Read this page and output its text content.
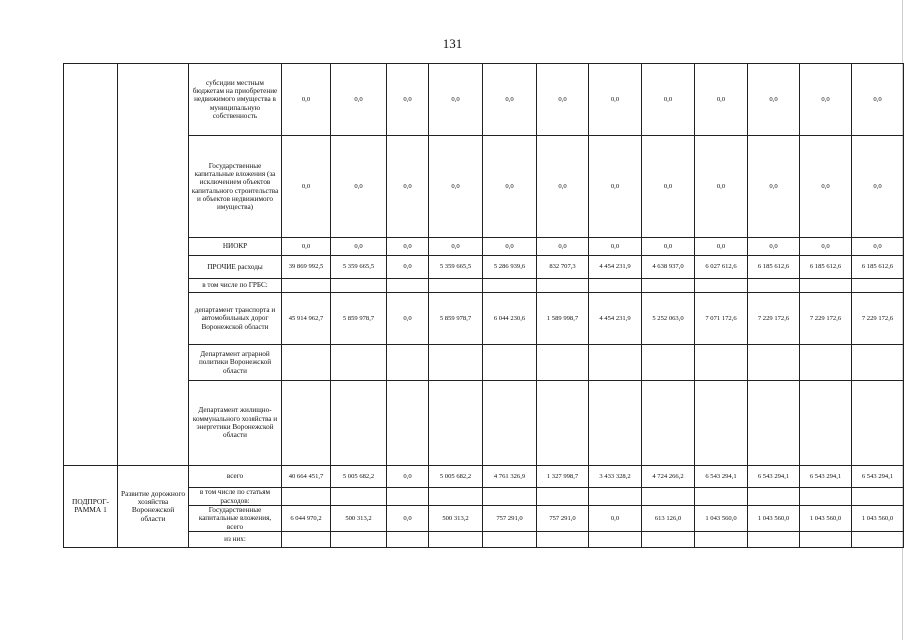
131
		субсидии местным бюджетам на приобретение недвижимого имущества в муниципальную собственность	0,0	0,0	0,0	0,0	0,0	0,0	0,0	0,0	0,0	0,0	0,0	0,0
		Государственные капитальные вложения (за исключением объектов капитального строительства и объектов недвижимого имущества)	0,0	0,0	0,0	0,0	0,0	0,0	0,0	0,0	0,0	0,0	0,0	0,0
		НИОКР	0,0	0,0	0,0	0,0	0,0	0,0	0,0	0,0	0,0	0,0	0,0	0,0
		ПРОЧИЕ расходы	39 869 992,5	5 359 665,5	0,0	5 359 665,5	5 286 939,6	832 707,3	4 454 231,9	4 638 937,0	6 027 612,6	6 185 612,6	6 185 612,6	6 185 612,6
		в том числе по ГРБС:												
		департамент транспорта и автомобильных дорог Воронежской области	45 914 962,7	5 859 978,7	0,0	5 859 978,7	6 044 230,6	1 589 998,7	4 454 231,9	5 252 063,0	7 071 172,6	7 229 172,6	7 229 172,6	7 229 172,6
		Департамент аграрной политики Воронежской области												
		Департамент жилищно-коммунального хозяйства и энергетики Воронежской области												
ПОДПРОГ-РАММА 1	Развитие дорожного хозяйства Воронежской области	всего	40 664 451,7	5 005 682,2	0,0	5 005 682,2	4 761 326,9	1 327 998,7	3 433 328,2	4 724 266,2	6 543 294,1	6 543 294,1	6 543 294,1	6 543 294,1
		в том числе по статьям расходов:												
		Государственные капитальные вложения, всего	6 044 970,2	500 313,2	0,0	500 313,2	757 291,0	757 291,0	0,0	613 126,0	1 043 560,0	1 043 560,0	1 043 560,0	1 043 560,0
		из них:												
